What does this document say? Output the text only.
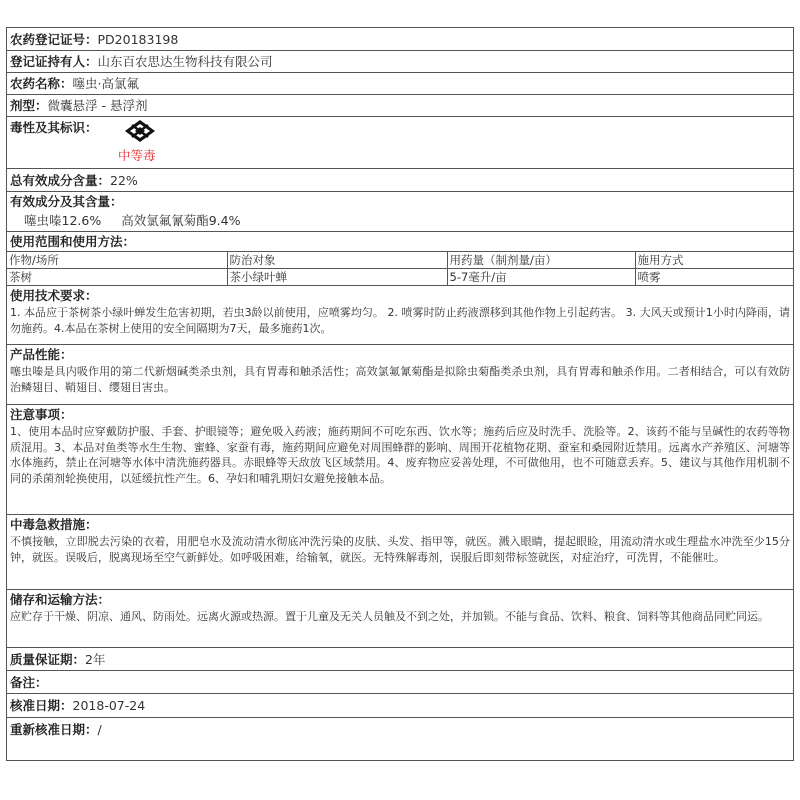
农药登记证号：PD20183198
登记证持有人：山东百农思达生物科技有限公司
农药名称：噻虫·高氯氟
剂型：微囊悬浮 - 悬浮剂
毒性及其标识：
中等毒
总有效成分含量：22%
有效成分及其含量：
噻虫嗪12.6% 高效氯氟氰菊酯9.4%
使用范围和使用方法：
作物/场所	防治对象	用药量（制剂量/亩）	施用方式
茶树	茶小绿叶蝉	5-7毫升/亩	喷雾
使用技术要求：
1. 本品应于茶树茶小绿叶蝉发生危害初期，若虫3龄以前使用，应喷雾均匀。 2. 喷雾时防止药液漂移到其他作物上引起药害。 3. 大风天或预计1小时内降雨，请勿施药。4.本品在茶树上使用的安全间隔期为7天，最多施药1次。
产品性能：
噻虫嗪是具内吸作用的第二代新烟碱类杀虫剂，具有胃毒和触杀活性；高效氯氟氰菊酯是拟除虫菊酯类杀虫剂，具有胃毒和触杀作用。二者相结合，可以有效防治鳞翅目、鞘翅目、缨翅目害虫。
注意事项：
1、使用本品时应穿戴防护服、手套、护眼镜等；避免吸入药液；施药期间不可吃东西、饮水等；施药后应及时洗手、洗脸等。2、该药不能与呈碱性的农药等物质混用。3、本品对鱼类等水生生物、蜜蜂、家蚕有毒，施药期间应避免对周围蜂群的影响、周围开花植物花期、蚕室和桑园附近禁用。远离水产养殖区、河塘等水体施药，禁止在河塘等水体中清洗施药器具。赤眼蜂等天敌放飞区域禁用。4、废弃物应妥善处理，不可做他用，也不可随意丢弃。5、建议与其他作用机制不同的杀菌剂轮换使用，以延缓抗性产生。6、孕妇和哺乳期妇女避免接触本品。
中毒急救措施：
不慎接触，立即脱去污染的衣着，用肥皂水及流动清水彻底冲洗污染的皮肤、头发、指甲等，就医。溅入眼睛，提起眼睑，用流动清水或生理盐水冲洗至少15分钟，就医。误吸后，脱离现场至空气新鲜处。如呼吸困难，给输氧，就医。无特殊解毒剂，误服后即刻带标签就医，对症治疗，可洗胃，不能催吐。
储存和运输方法：
应贮存于干燥、阴凉、通风、防雨处。远离火源或热源。置于儿童及无关人员触及不到之处，并加锁。不能与食品、饮料、粮食、饲料等其他商品同贮同运。
质量保证期：2年
备注：
核准日期：2018-07-24
重新核准日期：/
